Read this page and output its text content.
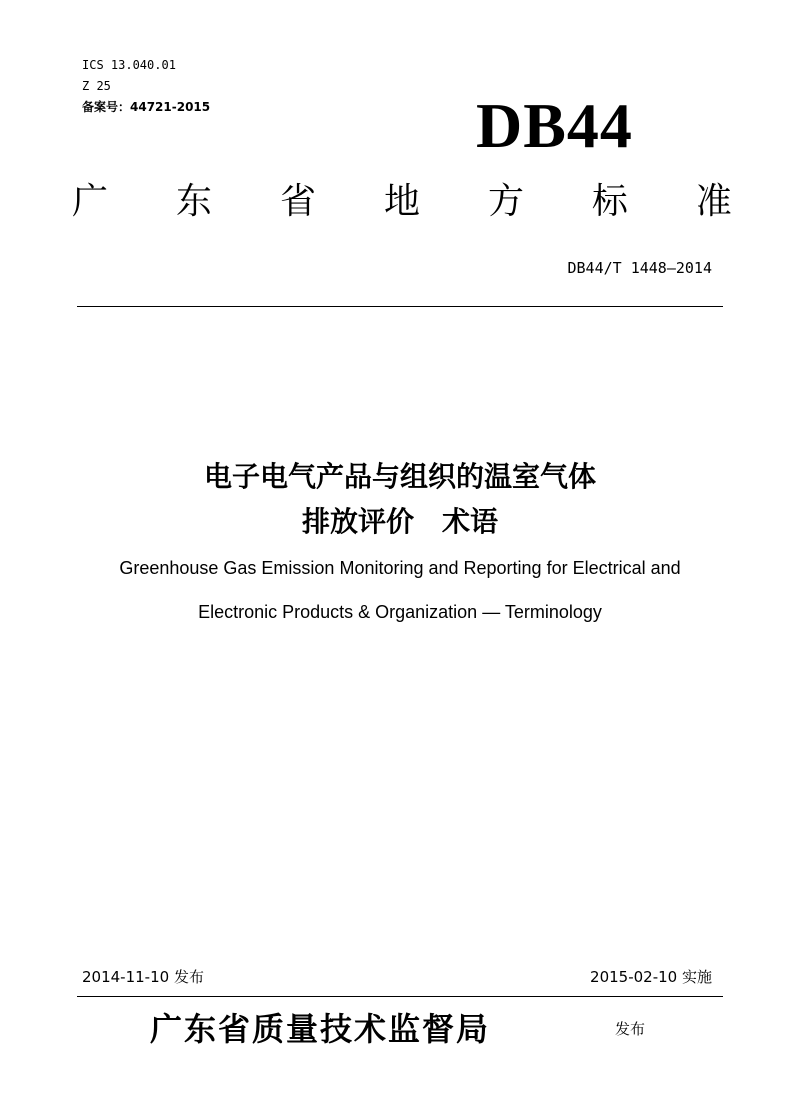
ICS 13.040.01
Z 25
备案号：44721-2015	DB44
广 东 省 地 方 标 准
DB44/T 1448—2014
电子电气产品与组织的温室气体
排放评价　术语
Greenhouse Gas Emission Monitoring and Reporting for Electrical and
Electronic Products & Organization — Terminology
2014-11-10 发布	2015-02-10 实施
广东省质量技术监督局	发布
